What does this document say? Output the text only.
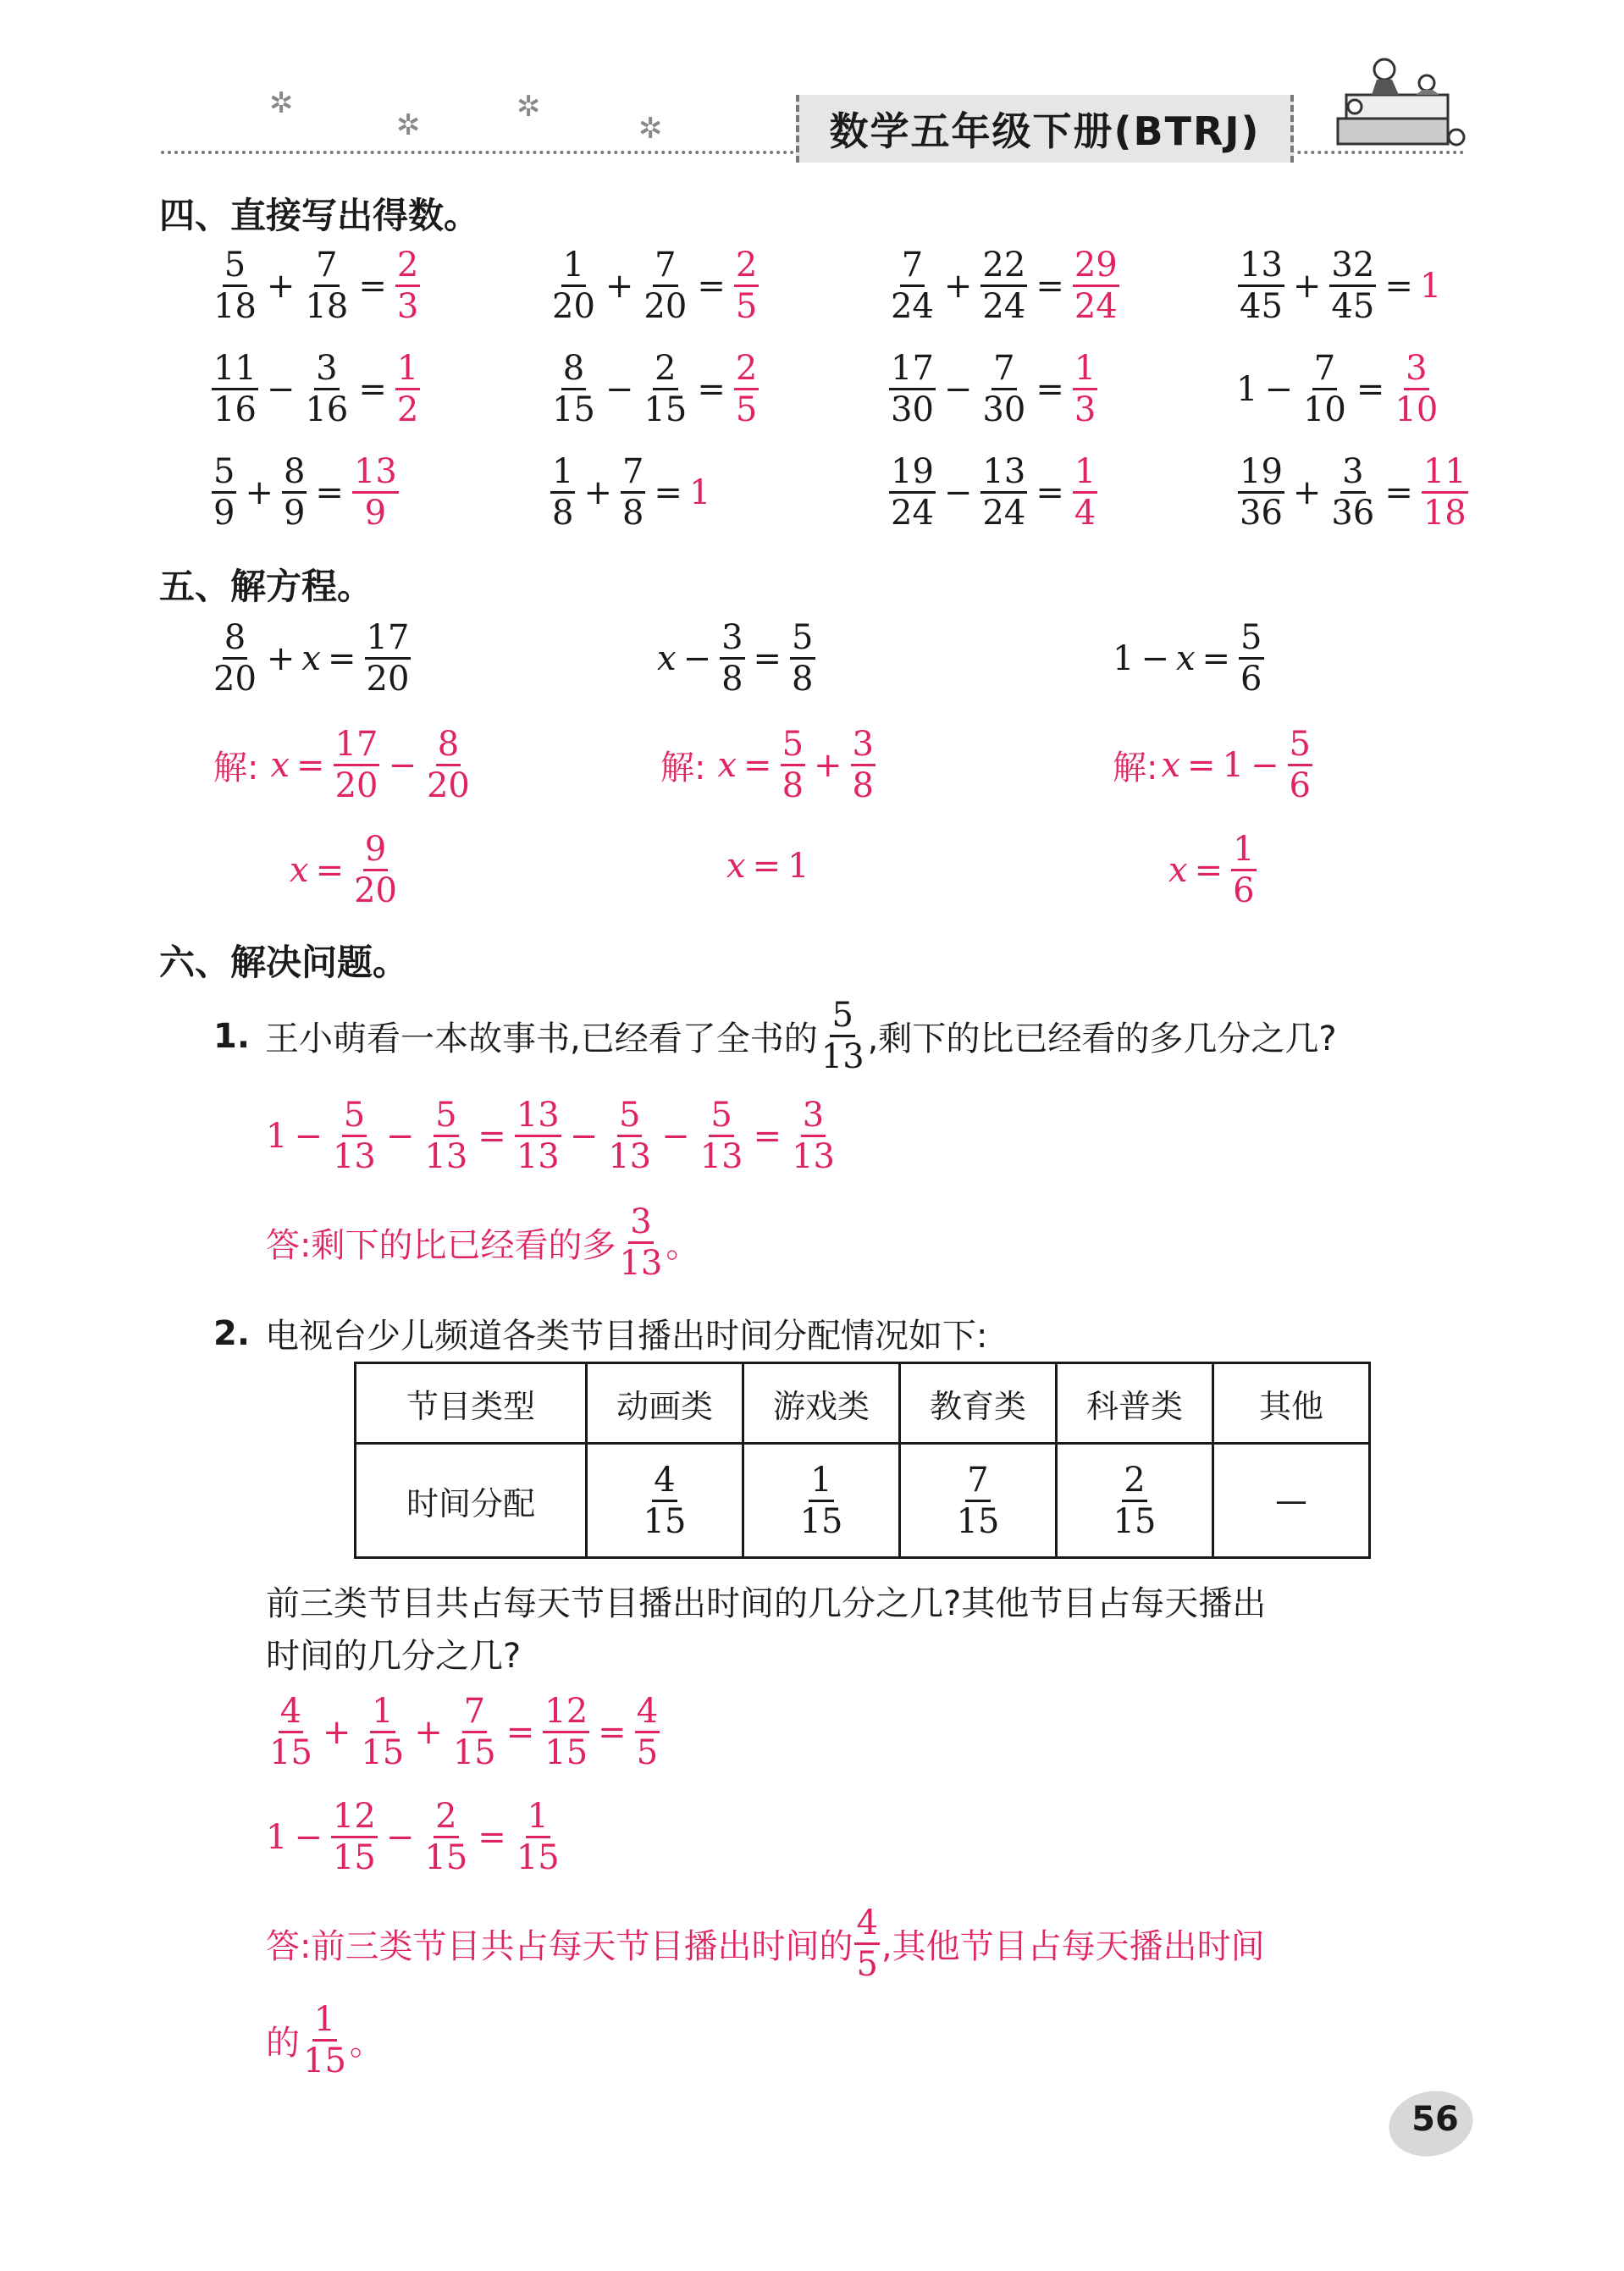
✲
✲
✲
✲	数学五年级下册(BTRJ)
四、直接写出得数。
$\frac{5}{18} + \frac{7}{18} = \frac{2}{3}$	$\frac{1}{20} + \frac{7}{20} = \frac{2}{5}$	$\frac{7}{24} + \frac{22}{24} = \frac{29}{24}$	$\frac{13}{45} + \frac{32}{45} = 1$
$\frac{11}{16} - \frac{3}{16} = \frac{1}{2}$	$\frac{8}{15} - \frac{2}{15} = \frac{2}{5}$	$\frac{17}{30} - \frac{7}{30} = \frac{1}{3}$	$1 - \frac{7}{10} = \frac{3}{10}$
$\frac{5}{9} + \frac{8}{9} = \frac{13}{9}$	$\frac{1}{8} + \frac{7}{8} = 1$	$\frac{19}{24} - \frac{13}{24} = \frac{1}{4}$	$\frac{19}{36} + \frac{3}{36} = \frac{11}{18}$
五、解方程。
$\frac{8}{20} + x = \frac{17}{20}$
解: $x = \frac{17}{20} - \frac{8}{20}$
$x = \frac{9}{20}$
$x - \frac{3}{8} = \frac{5}{8}$
解: $x = \frac{5}{8} + \frac{3}{8}$
x = 1
$1 - x = \frac{5}{6}$
解: $x = 1 - \frac{5}{6}$
$x = \frac{1}{6}$
六、解决问题。
1. 王小萌看一本故事书,已经看了全书的 $\frac{5}{13}$ ,剩下的比已经看的多几分之几?
$1 - \frac{5}{13} - \frac{5}{13} = \frac{13}{13} - \frac{5}{13} - \frac{5}{13} = \frac{3}{13}$
答:剩下的比已经看的多 $\frac{3}{13}$ 。
2. 电视台少儿频道各类节目播出时间分配情况如下:
节目类型	动画类	游戏类	教育类	科普类	其他
时间分配	$\frac{4}{15}$	$\frac{1}{15}$	$\frac{7}{15}$	$\frac{2}{15}$	—
前三类节目共占每天节目播出时间的几分之几?其他节目占每天播出
时间的几分之几?
$\frac{4}{15} + \frac{1}{15} + \frac{7}{15} = \frac{12}{15} = \frac{4}{5}$
$1 - \frac{12}{15} - \frac{2}{15} = \frac{1}{15}$
答:前三类节目共占每天节目播出时间的 $\frac{4}{5}$ ,其他节目占每天播出时间
的 $\frac{1}{15}$ 。
56
